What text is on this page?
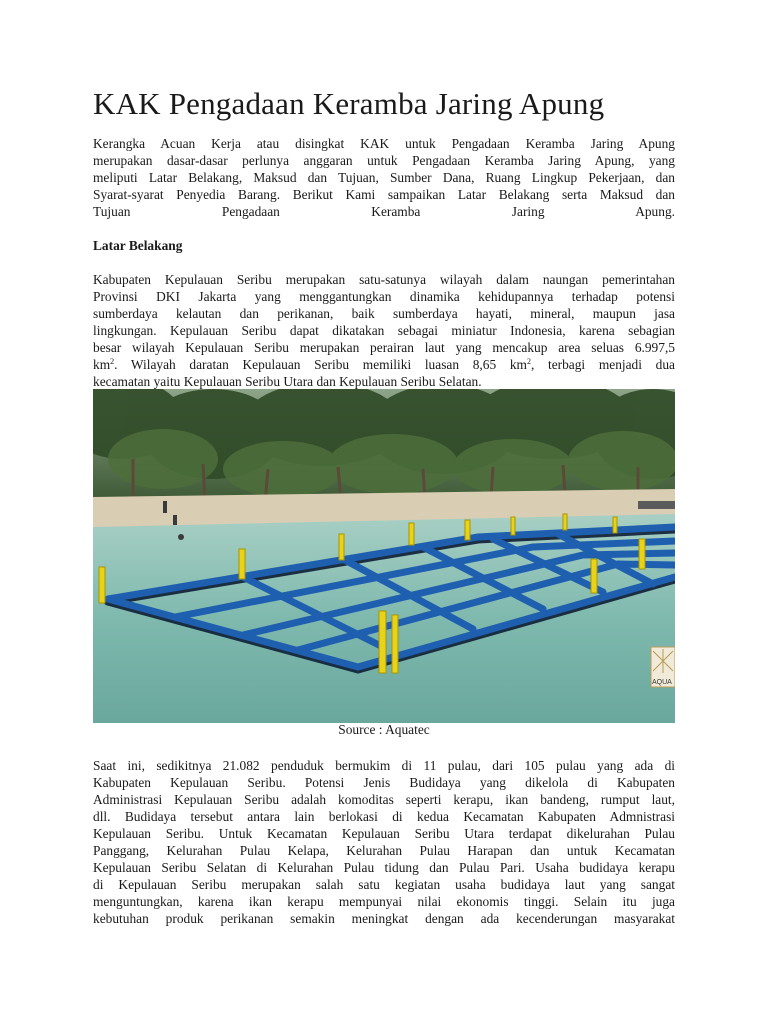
KAK Pengadaan Keramba Jaring Apung
Kerangka Acuan Kerja atau disingkat KAK untuk Pengadaan Keramba Jaring Apung
merupakan dasar-dasar perlunya anggaran untuk Pengadaan Keramba Jaring Apung, yang
meliputi Latar Belakang, Maksud dan Tujuan, Sumber Dana, Ruang Lingkup Pekerjaan, dan
Syarat-syarat Penyedia Barang. Berikut Kami sampaikan Latar Belakang serta Maksud dan
Tujuan Pengadaan Keramba Jaring Apung.

Latar Belakang

Kabupaten Kepulauan Seribu merupakan satu-satunya wilayah dalam naungan pemerintahan
Provinsi DKI Jakarta yang menggantungkan dinamika kehidupannya terhadap potensi
sumberdaya kelautan dan perikanan, baik sumberdaya hayati, mineral, maupun jasa
lingkungan. Kepulauan Seribu dapat dikatakan sebagai miniatur Indonesia, karena sebagian
besar wilayah Kepulauan Seribu merupakan perairan laut yang mencakup area seluas 6.997,5
$km^2$. Wilayah daratan Kepulauan Seribu memiliki luasan 8,65 $km^2$, terbagi menjadi dua
kecamatan yaitu Kepulauan Seribu Utara dan Kepulauan Seribu Selatan.
AQUA
Source : Aquatec
Saat ini, sedikitnya 21.082 penduduk bermukim di 11 pulau, dari 105 pulau yang ada di
Kabupaten Kepulauan Seribu. Potensi Jenis Budidaya yang dikelola di Kabupaten
Administrasi Kepulauan Seribu adalah komoditas seperti kerapu, ikan bandeng, rumput laut,
dll. Budidaya tersebut antara lain berlokasi di kedua Kecamatan Kabupaten Admnistrasi
Kepulauan Seribu. Untuk Kecamatan Kepulauan Seribu Utara terdapat dikelurahan Pulau
Panggang, Kelurahan Pulau Kelapa, Kelurahan Pulau Harapan dan untuk Kecamatan
Kepulauan Seribu Selatan di Kelurahan Pulau tidung dan Pulau Pari. Usaha budidaya kerapu
di Kepulauan Seribu merupakan salah satu kegiatan usaha budidaya laut yang sangat
menguntungkan, karena ikan kerapu mempunyai nilai ekonomis tinggi. Selain itu juga
kebutuhan produk perikanan semakin meningkat dengan ada kecenderungan masyarakat
